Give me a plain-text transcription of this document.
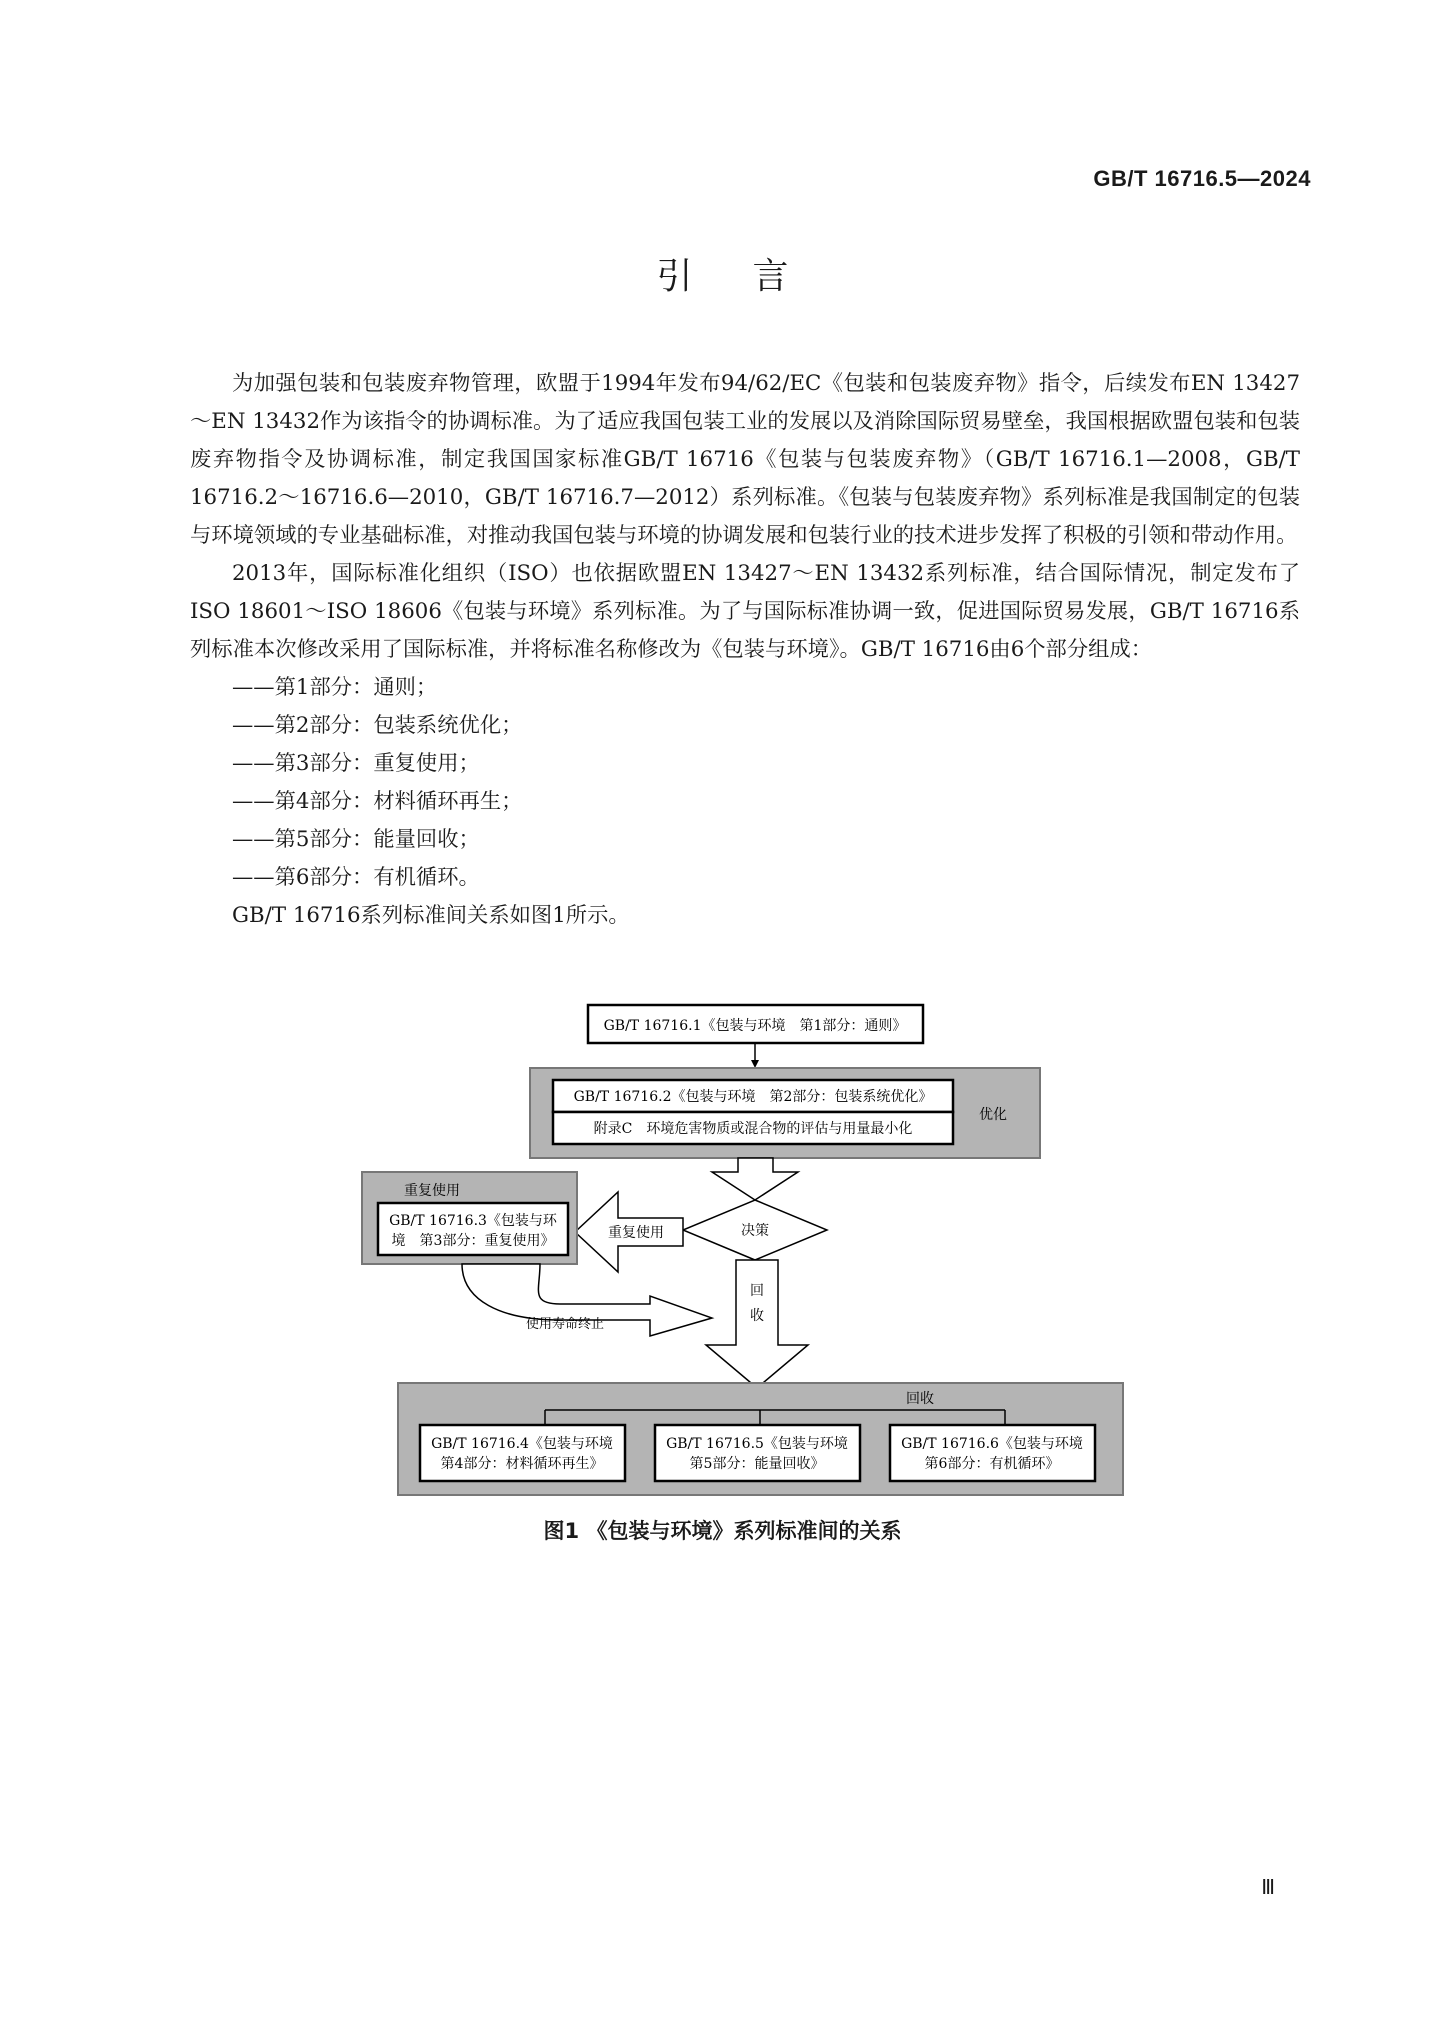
GB/T 16716.5—2024
引言

为加强包装和包装废弃物管理，欧盟于1994年发布94/62/EC《包装和包装废弃物》指令，后续发布EN 13427～EN 13432作为该指令的协调标准。为了适应我国包装工业的发展以及消除国际贸易壁垒，我国根据欧盟包装和包装废弃物指令及协调标准，制定我国国家标准GB/T 16716《包装与包装废弃物》（GB/T 16716.1—2008，GB/T 16716.2～16716.6—2010，GB/T 16716.7—2012）系列标准。《包装与包装废弃物》系列标准是我国制定的包装与环境领域的专业基础标准，对推动我国包装与环境的协调发展和包装行业的技术进步发挥了积极的引领和带动作用。

2013年，国际标准化组织（ISO）也依据欧盟EN 13427～EN 13432系列标准，结合国际情况，制定发布了ISO 18601～ISO 18606《包装与环境》系列标准。为了与国际标准协调一致，促进国际贸易发展，GB/T 16716系列标准本次修改采用了国际标准，并将标准名称修改为《包装与环境》。GB/T 16716由6个部分组成：

——第1部分：通则；
——第2部分：包装系统优化；
——第3部分：重复使用；
——第4部分：材料循环再生；
——第5部分：能量回收；
——第6部分：有机循环。

GB/T 16716系列标准间关系如图1所示。

GB/T 16716.1《包装与环境　第1部分：通则》
GB/T 16716.2《包装与环境　第2部分：包装系统优化》
附录C　环境危害物质或混合物的评估与用量最小化
优化
决策
重复使用
重复使用
GB/T 16716.3《包装与环
境　第3部分：重复使用》
回
收
使用寿命终止
回收
GB/T 16716.4《包装与环境
第4部分：材料循环再生》
GB/T 16716.5《包装与环境
第5部分：能量回收》
GB/T 16716.6《包装与环境
第6部分：有机循环》
图1 《包装与环境》系列标准间的关系
Ⅲ
